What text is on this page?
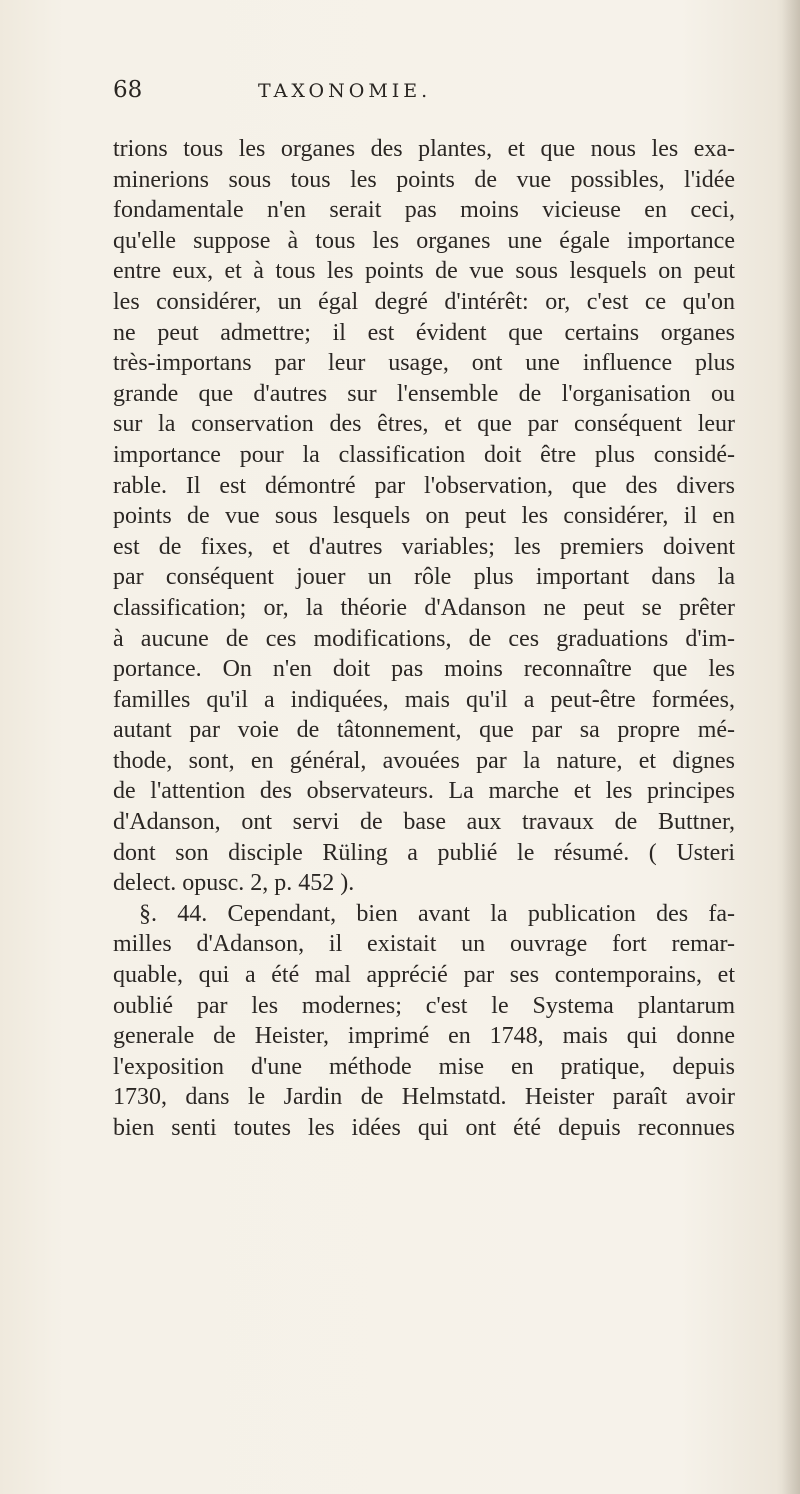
68	TAXONOMIE.
trions tous les organes des plantes, et que nous les exa-
minerions sous tous les points de vue possibles, l'idée
fondamentale n'en serait pas moins vicieuse en ceci,
qu'elle suppose à tous les organes une égale importance
entre eux, et à tous les points de vue sous lesquels on peut
les considérer, un égal degré d'intérêt: or, c'est ce qu'on
ne peut admettre; il est évident que certains organes
très-importans par leur usage, ont une influence plus
grande que d'autres sur l'ensemble de l'organisation ou
sur la conservation des êtres, et que par conséquent leur
importance pour la classification doit être plus considé-
rable. Il est démontré par l'observation, que des divers
points de vue sous lesquels on peut les considérer, il en
est de fixes, et d'autres variables; les premiers doivent
par conséquent jouer un rôle plus important dans la
classification; or, la théorie d'Adanson ne peut se prêter
à aucune de ces modifications, de ces graduations d'im-
portance. On n'en doit pas moins reconnaître que les
familles qu'il a indiquées, mais qu'il a peut-être formées,
autant par voie de tâtonnement, que par sa propre mé-
thode, sont, en général, avouées par la nature, et dignes
de l'attention des observateurs. La marche et les principes
d'Adanson, ont servi de base aux travaux de Buttner,
dont son disciple Rüling a publié le résumé. ( Usteri
delect. opusc. 2, p. 452 ).
§. 44. Cependant, bien avant la publication des fa-
milles d'Adanson, il existait un ouvrage fort remar-
quable, qui a été mal apprécié par ses contemporains, et
oublié par les modernes; c'est le Systema plantarum
generale de Heister, imprimé en 1748, mais qui donne
l'exposition d'une méthode mise en pratique, depuis
1730, dans le Jardin de Helmstatd. Heister paraît avoir
bien senti toutes les idées qui ont été depuis reconnues
